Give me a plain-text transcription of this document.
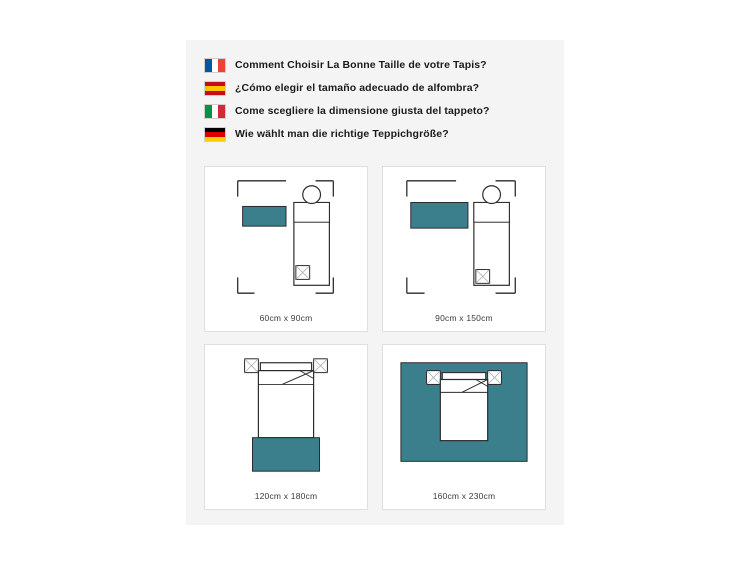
Comment Choisir La Bonne Taille de votre Tapis?
¿Cómo elegir el tamaño adecuado de alfombra?
Come scegliere la dimensione giusta del tappeto?
Wie wählt man die richtige Teppichgröße?
60cm x 90cm	90cm x 150cm
120cm x 180cm	160cm x 230cm
